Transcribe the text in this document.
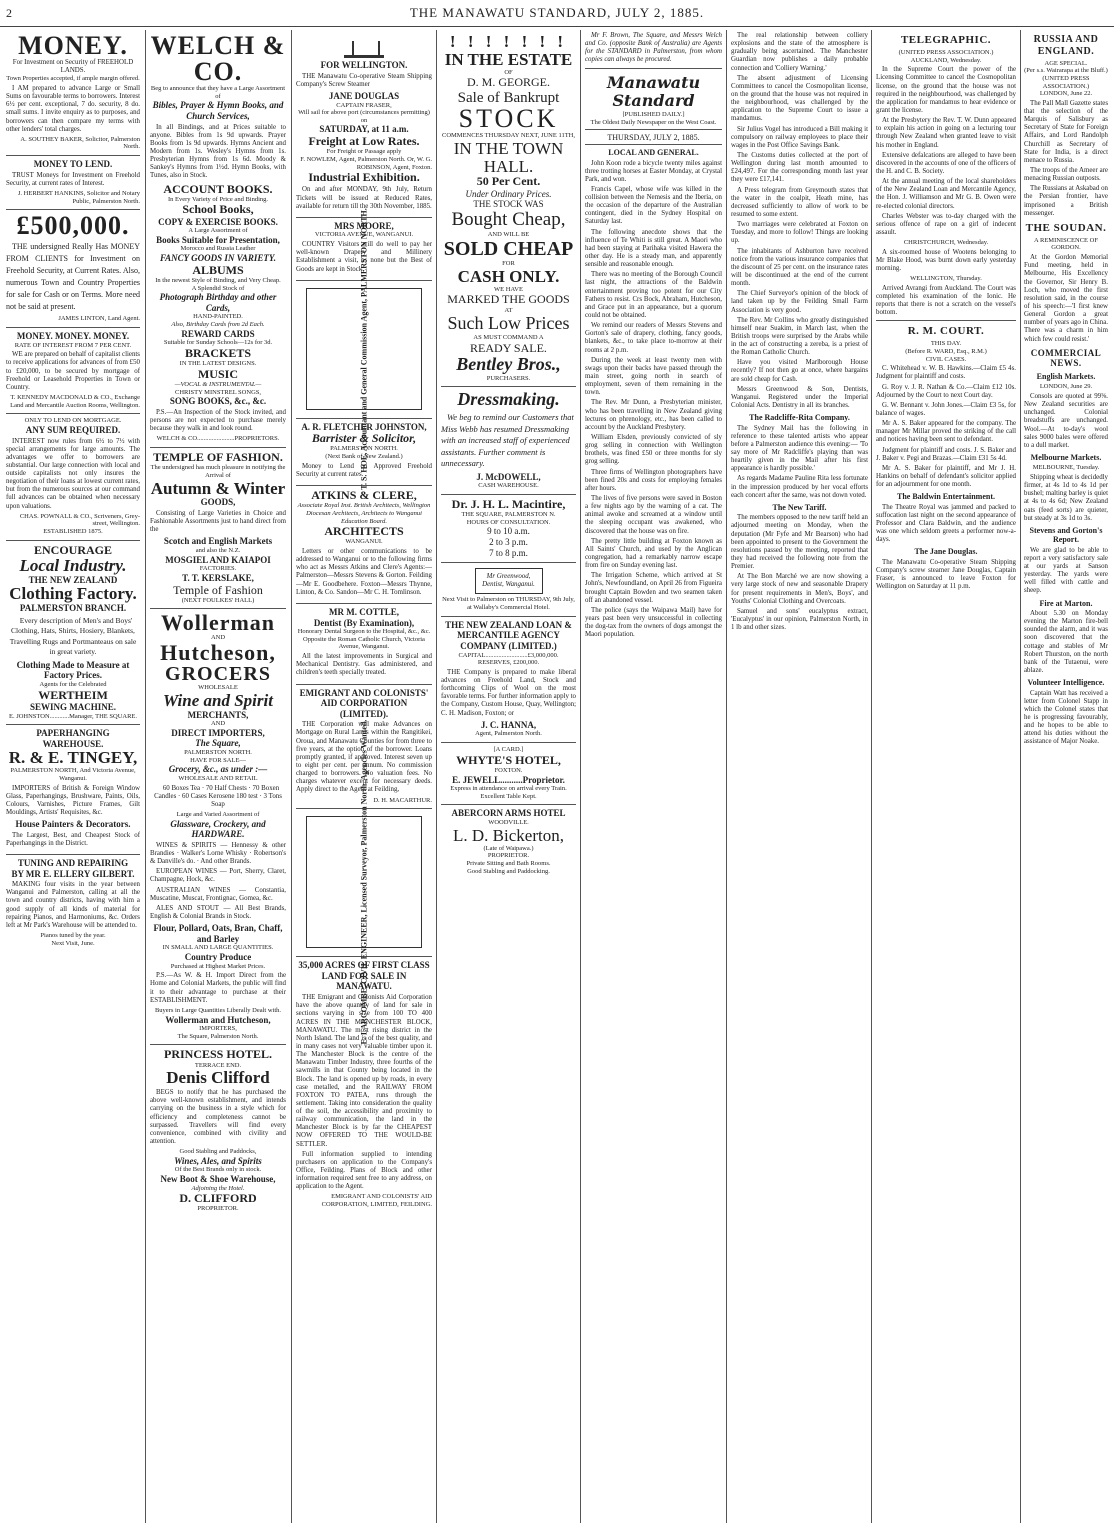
2	THE MANAWATU STANDARD, JULY 2, 1885.
MONEY.
For Investment on Security of FREEHOLD LANDS.
Town Properties accepted, if ample margin offered.

I AM prepared to advance Large or Small Sums on favourable terms to borrowers. Interest 6½ per cent. exceptional, 7 do. security, 8 do. small sums. I invite enquiry as to purposes, and borrowers can then compare my terms with other lenders' total charges.

A. SOUTHEY BAKER, Solicitor, Palmerston North.
MONEY TO LEND.

TRUST Moneys for Investment on Freehold Security, at current rates of Interest.

J. HERBERT HANKINS, Solicitor and Notary Public, Palmerston North.
£500,000.

THE undersigned Really Has MONEY FROM CLIENTS for Investment on Freehold Security, at Current Rates. Also, numerous Town and Country Properties for sale for Cash or on Terms. More need not be said at present.

JAMES LINTON, Land Agent.
MONEY. MONEY. MONEY.
RATE OF INTEREST FROM 7 PER CENT.

WE are prepared on behalf of capitalist clients to receive applications for advances of from £50 to £20,000, to be secured by mortgage of Freehold or Leasehold Properties in Town or Country.

T. KENNEDY MACDONALD & CO., Exchange Land and Mercantile Auction Rooms, Wellington.
ONLY TO LEND ON MORTGAGE.
ANY SUM REQUIRED.

INTEREST now rules from 6½ to 7½ with special arrangements for large amounts. The advantages we offer to borrowers are substantial. Our large connection with local and outside capitalists not only insures the negotiation of their loans at lowest current rates, but from the numerous sources at our command full advances can be obtained when necessary upon valuations.

CHAS. POWNALL & CO., Scriveners, Grey-street, Wellington.
ESTABLISHED 1875.
ENCOURAGE
Local Industry.
THE NEW ZEALAND
Clothing Factory.
PALMERSTON BRANCH.

Every description of Men's and Boys' Clothing, Hats, Shirts, Hosiery, Blankets, Travelling Rugs and Portmanteaus on sale in great variety.

Clothing Made to Measure at Factory Prices.
Agents for the Celebrated
WERTHEIM
SEWING MACHINE.
E. JOHNSTON............Manager, THE SQUARE.
PAPERHANGING WAREHOUSE.
R. & E. TINGEY,
PALMERSTON NORTH, And Victoria Avenue, Wanganui.

IMPORTERS of British & Foreign Window Glass, Paperhangings, Brushware, Paints, Oils, Colours, Varnishes, Picture Frames, Gilt Mouldings, Artists' Requisites, &c.

House Painters & Decorators.

The Largest, Best, and Cheapest Stock of Paperhangings in the District.

TUNING AND REPAIRING
BY MR E. ELLERY GILBERT.

MAKING four visits in the year between Wanganui and Palmerston, calling at all the town and country districts, having with him a good supply of all kinds of material for repairing Pianos, and Harmoniums, &c. Orders left at Mr Park's Warehouse will be attended to.

Pianos tuned by the year.
Next Visit, June.
WELCH & CO.
Beg to announce that they have a Large Assortment of
Bibles, Prayer & Hymn Books, and Church Services,

In all Bindings, and at Prices suitable to anyone. Bibles from 1s 9d upwards. Prayer Books from 1s 9d upwards. Hymns Ancient and Modern from 1s. Wesley's Hymns from 1s. Presbyterian Hymns from 1s 6d. Moody & Sankey's Hymns from 1½d. Hymn Books, with Tunes, also in Stock.

ACCOUNT BOOKS.
In Every Variety of Price and Binding.
School Books,
COPY & EXERCISE BOOKS.
A Large Assortment of
Books Suitable for Presentation,
Morocco and Russia Leather
FANCY GOODS IN VARIETY.
ALBUMS
In the newest Style of Binding, and Very Cheap.
A Splendid Stock of
Photograph Birthday and other Cards,
HAND-PAINTED.
Also, Birthday Cards from 2d Each.
REWARD CARDS
Suitable for Sunday Schools—12s for 3d.
BRACKETS
IN THE LATEST DESIGNS.
MUSIC
—VOCAL & INSTRUMENTAL—
CHRISTY MINSTREL SONGS,
SONG BOOKS, &c., &c.

P.S.—An Inspection of the Stock invited, and persons are not expected to purchase merely because they walk in and look round.

WELCH & CO.......................PROPRIETORS.
TEMPLE OF FASHION.
The undersigned has much pleasure in notifying the Arrival of
Autumn & Winter
GOODS,

Consisting of Large Varieties in Choice and Fashionable Assortments just to hand direct from the

Scotch and English Markets
and also the N.Z.
MOSGIEL AND KAIAPOI
FACTORIES.
T. T. KERSLAKE,
Temple of Fashion
(NEXT FOULKES' HALL)
Wollerman
AND
Hutcheson,
GROCERS
WHOLESALE
Wine and Spirit
MERCHANTS,
AND
DIRECT IMPORTERS,
The Square,
PALMERSTON NORTH.
HAVE FOR SALE—
Grocery, &c., as under :—
WHOLESALE AND RETAIL

60 Boxes Tea · 70 Half Chests · 70 Boxen Candles · 60 Cases Kerosene 180 test · 3 Tons Soap

Large and Varied Assortment of
Glassware, Crockery, and HARDWARE.

WINES & SPIRITS — Hennessy & other Brandies · Walker's Lorne Whisky · Robertson's & Danville's do. · And other Brands.

EUROPEAN WINES — Port, Sherry, Claret, Champagne, Hock, &c.

AUSTRALIAN WINES — Constantia, Muscatine, Muscat, Frontignac, Gomea, &c.

ALES AND STOUT — All Best Brands, English & Colonial Brands in Stock.

Flour, Pollard, Oats, Bran, Chaff, and Barley
IN SMALL AND LARGE QUANTITIES.
Country Produce
Purchased at Highest Market Prices.

P.S.—As W. & H. Import Direct from the Home and Colonial Markets, the public will find it to their advantage to purchase at their ESTABLISHMENT.

Buyers in Large Quantities Liberally Dealt with.
Wollerman and Hutcheson,
IMPORTERS,
The Square, Palmerston North.
PRINCESS HOTEL.
TERRACE END.
Denis Clifford

BEGS to notify that he has purchased the above well-known establishment, and intends carrying on the business in a style which for efficiency and completeness cannot be surpassed. Travellers will find every convenience, combined with civility and attention.

Good Stabling and Paddocks,
Wines, Ales, and Spirits
Of the Best Brands only in stock.
New Boot & Shoe Warehouse,
Adjoining the Hotel.
D. CLIFFORD
PROPRIETOR.
FOR WELLINGTON.

THE Manawatu Co-operative Steam Shipping Company's Screw Steamer

JANE DOUGLAS
CAPTAIN FRASER,
Will sail for above port (circumstances permitting) on
SATURDAY, at 11 a.m.
Freight at Low Rates.
For Freight or Passage apply
F. NOWLEM, Agent, Palmerston North. Or, W. G. ROBINSON, Agent, Foxton.
Industrial Exhibition.

On and after MONDAY, 9th July, Return Tickets will be issued at Reduced Rates, available for return till the 30th November, 1885.

MRS MOORE,
VICTORIA AVENUE, WANGANUI.

COUNTRY Visitors will do well to pay her well-known Drapery and Millinery Establishment a visit, as none but the Best of Goods are kept in Stock.

T. S. HOE, Accountant and General Commission Agent, PALMERSTON NORTH.
A. R. FLETCHER JOHNSTON,
Barrister & Solicitor,
PALMERSTON NORTH.
(Next Bank of New Zealand.)

Money to Lend on Approved Freehold Security at current rates.

ATKINS & CLERE,
Associate Royal Inst. British Architects, Wellington Diocesan Architects, Architects to Wanganui Education Board.
ARCHITECTS
WANGANUI.

Letters or other communications to be addressed to Wanganui or to the following firms who act as Messrs Atkins and Clere's Agents:— Palmerston—Messrs Stevens & Gorton. Feilding—Mr E. Goodbehere. Foxton—Messrs Thynne, Linton, & Co. Sandon—Mr C. H. Tomlinson.

MR M. COTTLE,
Dentist (By Examination),
Honorary Dental Surgeon to the Hospital, &c., &c.
Opposite the Roman Catholic Church, Victoria Avenue, Wanganui.

All the latest improvements in Surgical and Mechanical Dentistry. Gas administered, and children's teeth specially treated.

EMIGRANT AND COLONISTS' AID CORPORATION (LIMITED).

THE Corporation will make Advances on Mortgage on Rural Lands within the Rangitikei, Oroua, and Manawatu Counties for from three to five years, at the option of the borrower. Loans promptly granted, if approved. Interest seven up to eight per cent. per annum. No commission charged to borrowers. No valuation fees. No charges whatever except for necessary deeds. Apply direct to the Agent at Feilding,

D. H. MACARTHUR.
E. LARCOMBE, CIVIL ENGINEER, Licensed Surveyor, Palmerston North. Agencies Wanted.
35,000 ACRES OF FIRST CLASS LAND FOR SALE IN MANAWATU.

THE Emigrant and Colonists Aid Corporation have the above quantity of land for sale in sections varying in size from 100 TO 400 ACRES IN THE MANCHESTER BLOCK, MANAWATU. The most rising district in the North Island. The land is of the best quality, and in many cases not very valuable timber upon it. The Manchester Block is the centre of the Manawatu Timber Industry, three fourths of the sawmills in that County being located in the Block. The land is opened up by roads, in every case metalled, and the RAILWAY FROM FOXTON TO PATEA, runs through the settlement. Taking into consideration the quality of the soil, the accessibility and proximity to railway communication, the land in the Manchester Block is by far the CHEAPEST NOW OFFERED TO THE WOULD-BE SETTLER.

Full information supplied to intending purchasers on application to the Company's Office, Feilding. Plans of Block and other information required sent free to any address, on application to the Agent.

EMIGRANT AND COLONISTS' AID CORPORATION, LIMITED, FEILDING.
! ! ! ! ! ! !
IN THE ESTATE
OF
D. M. GEORGE.
Sale of Bankrupt
STOCK
COMMENCES THURSDAY NEXT, JUNE 11TH,
IN THE TOWN HALL.
50 Per Cent.
Under Ordinary Prices.
THE STOCK WAS
Bought Cheap,
AND WILL BE
SOLD CHEAP
FOR
CASH ONLY.
WE HAVE
MARKED THE GOODS
AT
Such Low Prices
AS MUST COMMAND A
READY SALE.
Bentley Bros.,
PURCHASERS.
Dressmaking.

We beg to remind our Customers that Miss Webb has resumed Dressmaking with an increased staff of experienced assistants. Further comment is unnecessary.

J. McDOWELL,
CASH WAREHOUSE.
Dr. J. H. L. Macintire,
THE SQUARE, PALMERSTON N.
HOURS OF CONSULTATION.
9 to 10 a.m.
2 to 3 p.m.
7 to 8 p.m.
Mr Greenwood, Dentist, Wanganui.
Next Visit to Palmerston on THURSDAY, 9th July, at Wallaby's Commercial Hotel.
THE NEW ZEALAND LOAN & MERCANTILE AGENCY COMPANY (LIMITED.)
CAPITAL..........................£3,000,000.
RESERVES, £200,000.

THE Company is prepared to make liberal advances on Freehold Land, Stock and forthcoming Clips of Wool on the most favorable terms. For further information apply to the Company, Custom House, Quay, Wellington; C. H. Madison, Foxton; or

J. C. HANNA,
Agent, Palmerston North.
[A CARD.]
WHYTE'S HOTEL,
FOXTON.
E. JEWELL..........Proprietor.
Express in attendance on arrival every Train.
Excellent Table Kept.
ABERCORN ARMS HOTEL
WOODVILLE.
L. D. Bickerton,
(Late of Waipawa.)
PROPRIETOR.
Private Sitting and Bath Rooms.
Good Stabling and Paddocking.

Mr F. Brown, The Square, and Messrs Welch and Co. (opposite Bank of Australia) are Agents for the STANDARD in Palmerston, from whom copies can always be procured.

Manawatu Standard
[PUBLISHED DAILY.]
The Oldest Daily Newspaper on the West Coast.
THURSDAY, JULY 2, 1885.
LOCAL AND GENERAL.

John Koon rode a bicycle twenty miles against three trotting horses at Easter Monday, at Crystal Park, and won.

Francis Capel, whose wife was killed in the collision between the Nemesis and the Iberia, on the occasion of the departure of the Australian contingent, died in the Sydney Hospital on Saturday last.

The following anecdote shows that the influence of Te Whiti is still great. A Maori who had been staying at Parihaka visited Hawera the other day. He is a steady man, and apparently sensible and reasonable enough.

There was no meeting of the Borough Council last night, the attractions of the Baldwin entertainment proving too potent for our City Fathers to resist. Crs Bock, Abraham, Hutcheson, and Grace put in an appearance, but a quorum could not be obtained.

We remind our readers of Messrs Stevens and Gorton's sale of drapery, clothing, fancy goods, blankets, &c., to take place to-morrow at their rooms at 2 p.m.

During the week at least twenty men with swags upon their backs have passed through the main street, going north in search of employment, seven of them remaining in the town.

The Rev. Mr Dunn, a Presbyterian minister, who has been travelling in New Zealand giving lectures on phrenology, etc., has been called to account by the Auckland Presbytery.

William Elsden, previously convicted of sly grog selling in connection with Wellington brothels, was fined £50 or three months for sly grog selling.

Three firms of Wellington photographers have been fined 20s and costs for employing females after hours.

The lives of five persons were saved in Boston a few nights ago by the warning of a cat. The animal awoke and screamed at a window until the sleeping occupant was awakened, who discovered that the house was on fire.

The pretty little building at Foxton known as All Saints' Church, and used by the Anglican congregation, had a remarkably narrow escape from fire on Sunday evening last.

The Irrigation Scheme, which arrived at St John's, Newfoundland, on April 26 from Figueira brought Captain Bowden and two seamen taken off an abandoned vessel.

The police (says the Waipawa Mail) have for years past been very unsuccessful in collecting the dog-tax from the owners of dogs amongst the Maori population.

The real relationship between colliery explosions and the state of the atmosphere is gradually being ascertained. The Manchester Guardian now publishes a daily probable connection and 'Colliery Warning.'

The absent adjustment of Licensing Committees to cancel the Cosmopolitan license, on the ground that the house was not required in the neighbourhood, was challenged by the application to the Supreme Court to issue a mandamus.

Sir Julius Vogel has introduced a Bill making it compulsory on railway employees to place their wages in the Post Office Savings Bank.

The Customs duties collected at the port of Wellington during last month amounted to £24,497. For the corresponding month last year they were £17,141.

A Press telegram from Greymouth states that the water in the coalpit, Heath mine, has decreased sufficiently to allow of work to be resumed to some extent.

Two marriages were celebrated at Foxton on Tuesday, and more to follow! Things are looking up.

The inhabitants of Ashburton have received notice from the various insurance companies that the discount of 25 per cent. on the insurance rates will be discontinued at the end of the current month.

The Chief Surveyor's opinion of the block of land taken up by the Feilding Small Farm Association is very good.

The Rev. Mr Collins who greatly distinguished himself near Suakim, in March last, when the British troops were surprised by the Arabs while in the act of constructing a zereba, is a priest of the Roman Catholic Church.

Have you visited Marlborough House recently? If not then go at once, where bargains are sold cheap for Cash.

Messrs Greenwood & Son, Dentists, Wanganui. Registered under the Imperial Colonial Acts. Dentistry in all its branches.

The Radcliffe-Rita Company.

The Sydney Mail has the following in reference to these talented artists who appear before a Palmerston audience this evening:— 'To say more of Mr Radcliffe's playing than was heartily given in the Mail after his first appearance is hardly possible.'

As regards Madame Pauline Rita less fortunate in the impression produced by her vocal efforts each concert after the same, was not down voted.

The New Tariff.

The members opposed to the new tariff held an adjourned meeting on Monday, when the deputation (Mr Fyfe and Mr Bearson) who had been appointed to present to the Government the resolutions passed by the meeting, reported that they had received the following note from the Premier.

At The Bon Marché we are now showing a very large stock of new and seasonable Drapery for present requirements in Men's, Boys', and Youths' Colonial Clothing and Overcoats.

Samuel and sons' eucalyptus extract, 'Eucalyptus' in our opinion, Palmerston North, in 1 lb and other sizes.

TELEGRAPHIC.
(UNITED PRESS ASSOCIATION.)
AUCKLAND, Wednesday.

In the Supreme Court the power of the Licensing Committee to cancel the Cosmopolitan license, on the ground that the house was not required in the neighbourhood, was challenged by the application for mandamus to hear evidence or grant the license.

At the Presbytery the Rev. T. W. Dunn appeared to explain his action in going on a lecturing tour through New Zealand when granted leave to visit his mother in England.

Extensive defalcations are alleged to have been discovered in the accounts of one of the officers of the H. and C. B. Society.

At the annual meeting of the local shareholders of the New Zealand Loan and Mercantile Agency, the Hon. J. Williamson and Mr G. B. Owen were re-elected colonial directors.

Charles Webster was to-day charged with the serious offence of rape on a girl of indecent assault.

CHRISTCHURCH, Wednesday.

A six-roomed house of Wootens belonging to Mr Blake Hood, was burnt down early yesterday morning.

WELLINGTON, Thursday.

Arrived Avrangi from Auckland. The Court was completed his examination of the Ionic. He reports that there is not a scratch on the vessel's bottom.

R. M. COURT.
THIS DAY.
(Before R. WARD, Esq., R.M.)
CIVIL CASES.

C. Whitehead v. W. B. Hawkins.—Claim £5 4s. Judgment for plaintiff and costs.

G. Roy v. J. R. Nathan & Co.—Claim £12 10s. Adjourned by the Court to next Court day.

G. W. Bennant v. John Jones.—Claim £3 5s, for balance of wages.

Mr A. S. Baker appeared for the company. The manager Mr Millar proved the striking of the call and notices having been sent to defendant.

Judgment for plaintiff and costs. J. S. Baker and J. Baker v. Pegi and Brazas.—Claim £31 5s 4d.

Mr A. S. Baker for plaintiff, and Mr J. H. Hankins on behalf of defendant's solicitor applied for an adjournment for one month.

The Baldwin Entertainment.

The Theatre Royal was jammed and packed to suffocation last night on the second appearance of Professor and Clara Baldwin, and the audience was one which seldom greets a performer now-a-days.

The Jane Douglas.

The Manawatu Co-operative Steam Shipping Company's screw steamer Jane Douglas, Captain Fraser, is announced to leave Foxton for Wellington on Saturday at 11 p.m.

RUSSIA AND ENGLAND.
AGE SPECIAL.
(Per s.s. Wairarapa at the Bluff.)
(UNITED PRESS ASSOCIATION.)
LONDON, June 22.

The Pall Mall Gazette states that the selection of the Marquis of Salisbury as Secretary of State for Foreign Affairs, and Lord Randolph Churchill as Secretary of State for India, is a direct menace to Russia.

The troops of the Ameer are menacing Russian outposts.

The Russians at Askabad on the Persian frontier, have imprisoned a British messenger.

THE SOUDAN.
A REMINISCENCE OF GORDON.

At the Gordon Memorial Fund meeting, held in Melbourne, His Excellency the Governor, Sir Henry B. Loch, who moved the first resolution said, in the course of his speech:—'I first knew General Gordon a great number of years ago in China. There was a charm in him which few could resist.'

COMMERCIAL NEWS.
English Markets.
LONDON, June 29.

Consols are quoted at 99⅝. New Zealand securities are unchanged. Colonial breadstuffs are unchanged. Wool.—At to-day's wool sales 9000 bales were offered to a dull market.

Melbourne Markets.
MELBOURNE, Tuesday.

Shipping wheat is decidedly firmer, at 4s 1d to 4s 1d per bushel; malting barley is quiet at 4s to 4s 6d; New Zealand oats (feed sorts) are quieter, but steady at 3s 1d to 3s.

Stevens and Gorton's Report.

We are glad to be able to report a very satisfactory sale at our yards at Sanson yesterday. The yards were well filled with cattle and sheep.

Fire at Marton.

About 5.30 on Monday evening the Marton fire-bell sounded the alarm, and it was soon discovered that the cottage and stables of Mr Robert Thurston, on the north bank of the Tutaenui, were ablaze.

Volunteer Intelligence.

Captain Watt has received a letter from Colonel Stapp in which the Colonel states that he is progressing favourably, and he hopes to be able to attend his duties without the assistance of Major Noake.
